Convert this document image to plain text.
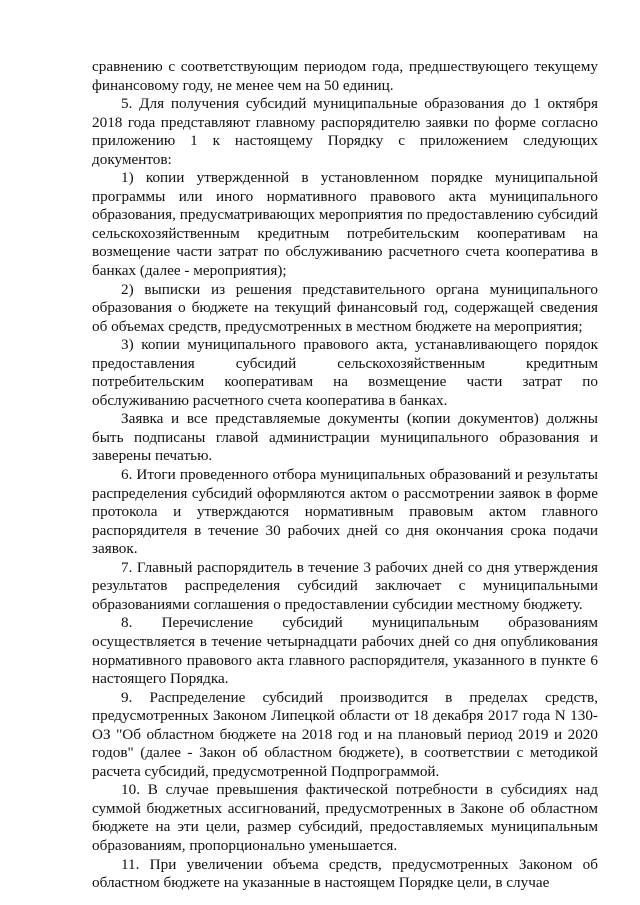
сравнению с соответствующим периодом года, предшествующего текущему финансовому году, не менее чем на 50 единиц.

5. Для получения субсидий муниципальные образования до 1 октября 2018 года представляют главному распорядителю заявки по форме согласно приложению 1 к настоящему Порядку с приложением следующих документов:

1) копии утвержденной в установленном порядке муниципальной программы или иного нормативного правового акта муниципального образования, предусматривающих мероприятия по предоставлению субсидий сельскохозяйственным кредитным потребительским кооперативам на возмещение части затрат по обслуживанию расчетного счета кооператива в банках (далее - мероприятия);

2) выписки из решения представительного органа муниципального образования о бюджете на текущий финансовый год, содержащей сведения об объемах средств, предусмотренных в местном бюджете на мероприятия;

3) копии муниципального правового акта, устанавливающего порядок предоставления субсидий сельскохозяйственным кредитным потребительским кооперативам на возмещение части затрат по обслуживанию расчетного счета кооператива в банках.

Заявка и все представляемые документы (копии документов) должны быть подписаны главой администрации муниципального образования и заверены печатью.

6. Итоги проведенного отбора муниципальных образований и результаты распределения субсидий оформляются актом о рассмотрении заявок в форме протокола и утверждаются нормативным правовым актом главного распорядителя в течение 30 рабочих дней со дня окончания срока подачи заявок.

7. Главный распорядитель в течение 3 рабочих дней со дня утверждения результатов распределения субсидий заключает с муниципальными образованиями соглашения о предоставлении субсидии местному бюджету.

8. Перечисление субсидий муниципальным образованиям осуществляется в течение четырнадцати рабочих дней со дня опубликования нормативного правового акта главного распорядителя, указанного в пункте 6 настоящего Порядка.

9. Распределение субсидий производится в пределах средств, предусмотренных Законом Липецкой области от 18 декабря 2017 года N 130-ОЗ "Об областном бюджете на 2018 год и на плановый период 2019 и 2020 годов" (далее - Закон об областном бюджете), в соответствии с методикой расчета субсидий, предусмотренной Подпрограммой.

10. В случае превышения фактической потребности в субсидиях над суммой бюджетных ассигнований, предусмотренных в Законе об областном бюджете на эти цели, размер субсидий, предоставляемых муниципальным образованиям, пропорционально уменьшается.

11. При увеличении объема средств, предусмотренных Законом об областном бюджете на указанные в настоящем Порядке цели, в случае
